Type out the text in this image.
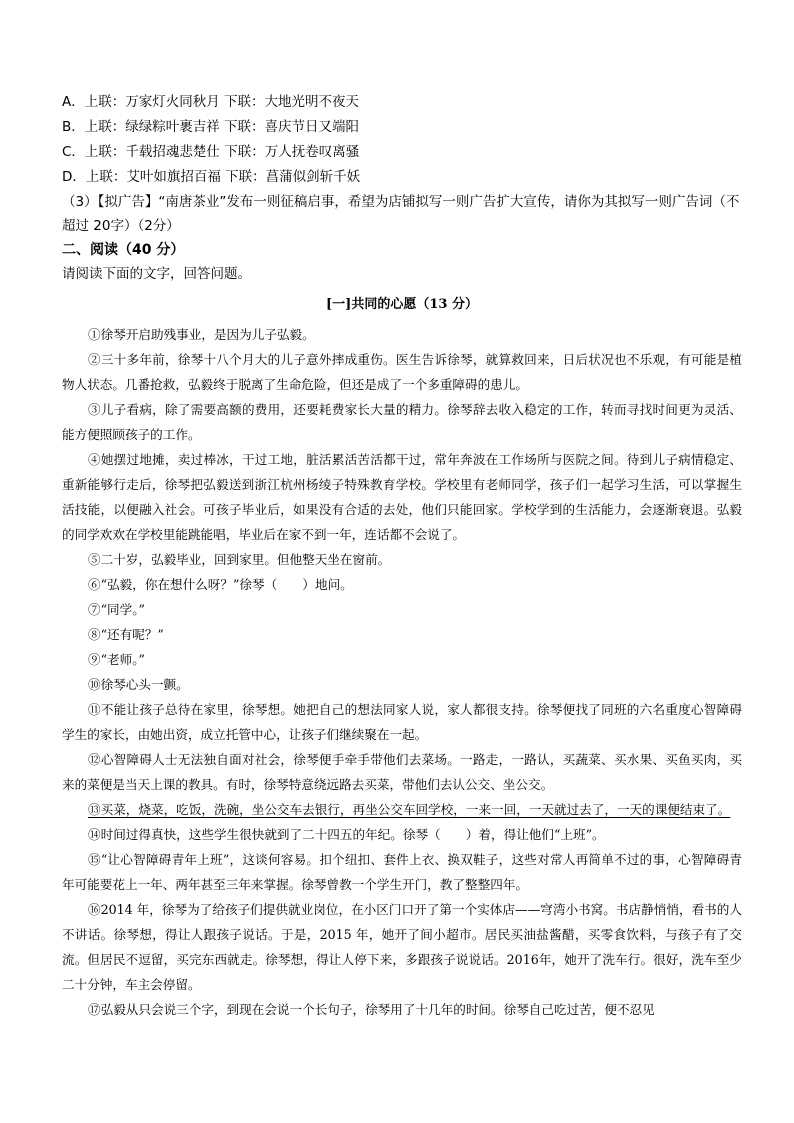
A．上联：万家灯火同秋月 下联：大地光明不夜天
B．上联：绿绿粽叶裹吉祥 下联：喜庆节日又端阳
C．上联：千载招魂悲楚仕 下联：万人抚卷叹离骚
D．上联：艾叶如旗招百福 下联：菖蒲似剑斩千妖

（3）【拟广告】“南唐茶业”发布一则征稿启事，希望为店铺拟写一则广告扩大宣传，请你为其拟写一则广告词（不超过 20字）（2分）

二、阅读（40 分）

请阅读下面的文字，回答问题。

[一]共同的心愿（13 分）

①徐琴开启助残事业，是因为儿子弘毅。

②三十多年前，徐琴十八个月大的儿子意外摔成重伤。医生告诉徐琴，就算救回来，日后状况也不乐观，有可能是植物人状态。几番抢救，弘毅终于脱离了生命危险，但还是成了一个多重障碍的患儿。

③儿子看病，除了需要高额的费用，还要耗费家长大量的精力。徐琴辞去收入稳定的工作，转而寻找时间更为灵活、能方便照顾孩子的工作。

④她摆过地摊，卖过棒冰，干过工地，脏活累活苦活都干过，常年奔波在工作场所与医院之间。待到儿子病情稳定、重新能够行走后，徐琴把弘毅送到浙江杭州杨绫子特殊教育学校。学校里有老师同学，孩子们一起学习生活，可以掌握生活技能，以便融入社会。可孩子毕业后，如果没有合适的去处，他们只能回家。学校学到的生活能力，会逐渐衰退。弘毅的同学欢欢在学校里能跳能唱，毕业后在家不到一年，连话都不会说了。

⑤二十岁，弘毅毕业，回到家里。但他整天坐在窗前。

⑥“弘毅，你在想什么呀？”徐琴（　　）地问。

⑦“同学。”

⑧“还有呢？”

⑨“老师。”

⑩徐琴心头一颤。

⑪不能让孩子总待在家里，徐琴想。她把自己的想法同家人说，家人都很支持。徐琴便找了同班的六名重度心智障碍学生的家长，由她出资，成立托管中心，让孩子们继续聚在一起。

⑫心智障碍人士无法独自面对社会，徐琴便手牵手带他们去菜场。一路走，一路认，买蔬菜、买水果、买鱼买肉，买来的菜便是当天上课的教具。有时，徐琴特意绕远路去买菜，带他们去认公交、坐公交。

⑬买菜，烧菜，吃饭，洗碗，坐公交车去银行，再坐公交车回学校，一来一回，一天就过去了，一天的课便结束了。

⑭时间过得真快，这些学生很快就到了二十四五的年纪。徐琴（　　）着，得让他们“上班”。

⑮“让心智障碍青年上班”，这谈何容易。扣个纽扣、套件上衣、换双鞋子，这些对常人再简单不过的事，心智障碍青年可能要花上一年、两年甚至三年来掌握。徐琴曾教一个学生开门，教了整整四年。

⑯2014 年，徐琴为了给孩子们提供就业岗位，在小区门口开了第一个实体店——穹湾小书窝。书店静悄悄，看书的人不讲话。徐琴想，得让人跟孩子说话。于是，2015 年，她开了间小超市。居民买油盐酱醋，买零食饮料，与孩子有了交流。但居民不逗留，买完东西就走。徐琴想，得让人停下来，多跟孩子说说话。2016年，她开了洗车行。很好，洗车至少二十分钟，车主会停留。

⑰弘毅从只会说三个字，到现在会说一个长句子，徐琴用了十几年的时间。徐琴自己吃过苦，便不忍见
